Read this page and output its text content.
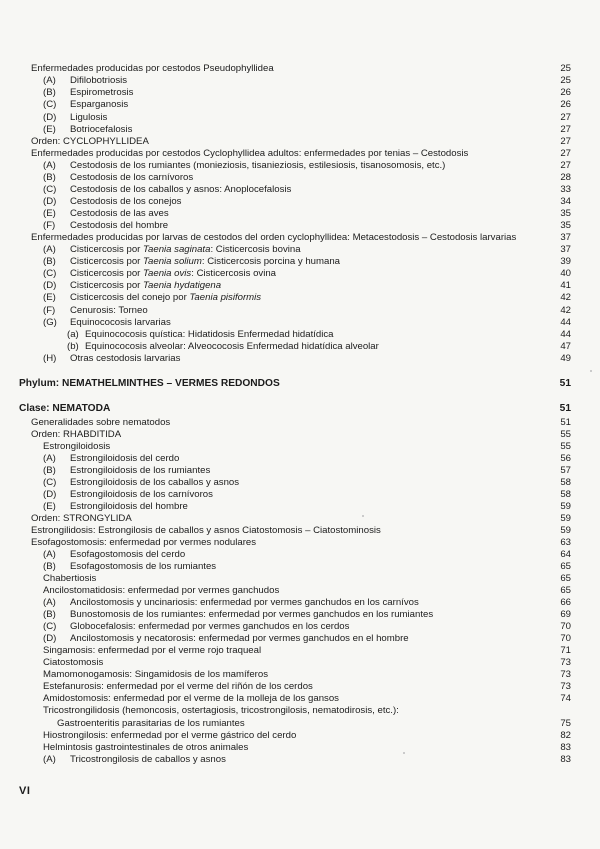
Enfermedades producidas por cestodos Pseudophyllidea	25
(A) Difilobotriosis	25
(B) Espirometrosis	26
(C) Esparganosis	26
(D) Ligulosis	27
(E) Botriocefalosis	27
Orden: CYCLOPHYLLIDEA	27
Enfermedades producidas por cestodos Cyclophyllidea adultos: enfermedades por tenias – Cestodosis	27
(A) Cestodosis de los rumiantes (monieziosis, tisanieziosis, estilesiosis, tisanosomosis, etc.)	27
(B) Cestodosis de los carnívoros	28
(C) Cestodosis de los caballos y asnos: Anoplocefalosis	33
(D) Cestodosis de los conejos	34
(E) Cestodosis de las aves	35
(F) Cestodosis del hombre	35
Enfermedades producidas por larvas de cestodos del orden cyclophyllidea: Metacestodosis – Cestodosis larvarias	37
(A) Cisticercosis por Taenia saginata: Cisticercosis bovina	37
(B) Cisticercosis por Taenia solium: Cisticercosis porcina y humana	39
(C) Cisticercosis por Taenia ovis: Cisticercosis ovina	40
(D) Cisticercosis por Taenia hydatigena	41
(E) Cisticercosis del conejo por Taenia pisiformis	42
(F) Cenurosis: Torneo	42
(G) Equinococosis larvarias	44
(a) Equinococosis quística: Hidatidosis Enfermedad hidatídica	44
(b) Equinococosis alveolar: Alveococosis Enfermedad hidatídica alveolar	47
(H) Otras cestodosis larvarias	49
Phylum: NEMATHELMINTHES – VERMES REDONDOS	51
Clase: NEMATODA	51
Generalidades sobre nematodos	51
Orden: RHABDITIDA	55
Estrongiloidosis	55
(A) Estrongiloidosis del cerdo	56
(B) Estrongiloidosis de los rumiantes	57
(C) Estrongiloidosis de los caballos y asnos	58
(D) Estrongiloidosis de los carnívoros	58
(E) Estrongiloidosis del hombre	59
Orden: STRONGYLIDA	59
Estrongilidosis: Estrongilosis de caballos y asnos Ciatostomosis – Ciatostominosis	59
Esofagostomosis: enfermedad por vermes nodulares	63
(A) Esofagostomosis del cerdo	64
(B) Esofagostomosis de los rumiantes	65
Chabertiosis	65
Ancilostomatidosis: enfermedad por vermes ganchudos	65
(A) Ancilostomosis y uncinariosis: enfermedad por vermes ganchudos en los carnívos	66
(B) Bunostomosis de los rumiantes: enfermedad por vermes ganchudos en los rumiantes	69
(C) Globocefalosis: enfermedad por vermes ganchudos en los cerdos	70
(D) Ancilostomosis y necatorosis: enfermedad por vermes ganchudos en el hombre	70
Singamosis: enfermedad por el verme rojo traqueal	71
Ciatostomosis	73
Mamomonogamosis: Singamidosis de los mamíferos	73
Estefanurosis: enfermedad por el verme del riñón de los cerdos	73
Amidostomosis: enfermedad por el verme de la molleja de los gansos	74
Tricostrongilidosis (hemoncosis, ostertagiosis, tricostrongilosis, nematodirosis, etc.):
Gastroenteritis parasitarias de los rumiantes	75
Hiostrongilosis: enfermedad por el verme gástrico del cerdo	82
Helmintosis gastrointestinales de otros animales	83
(A) Tricostrongilosis de caballos y asnos	83
VI
